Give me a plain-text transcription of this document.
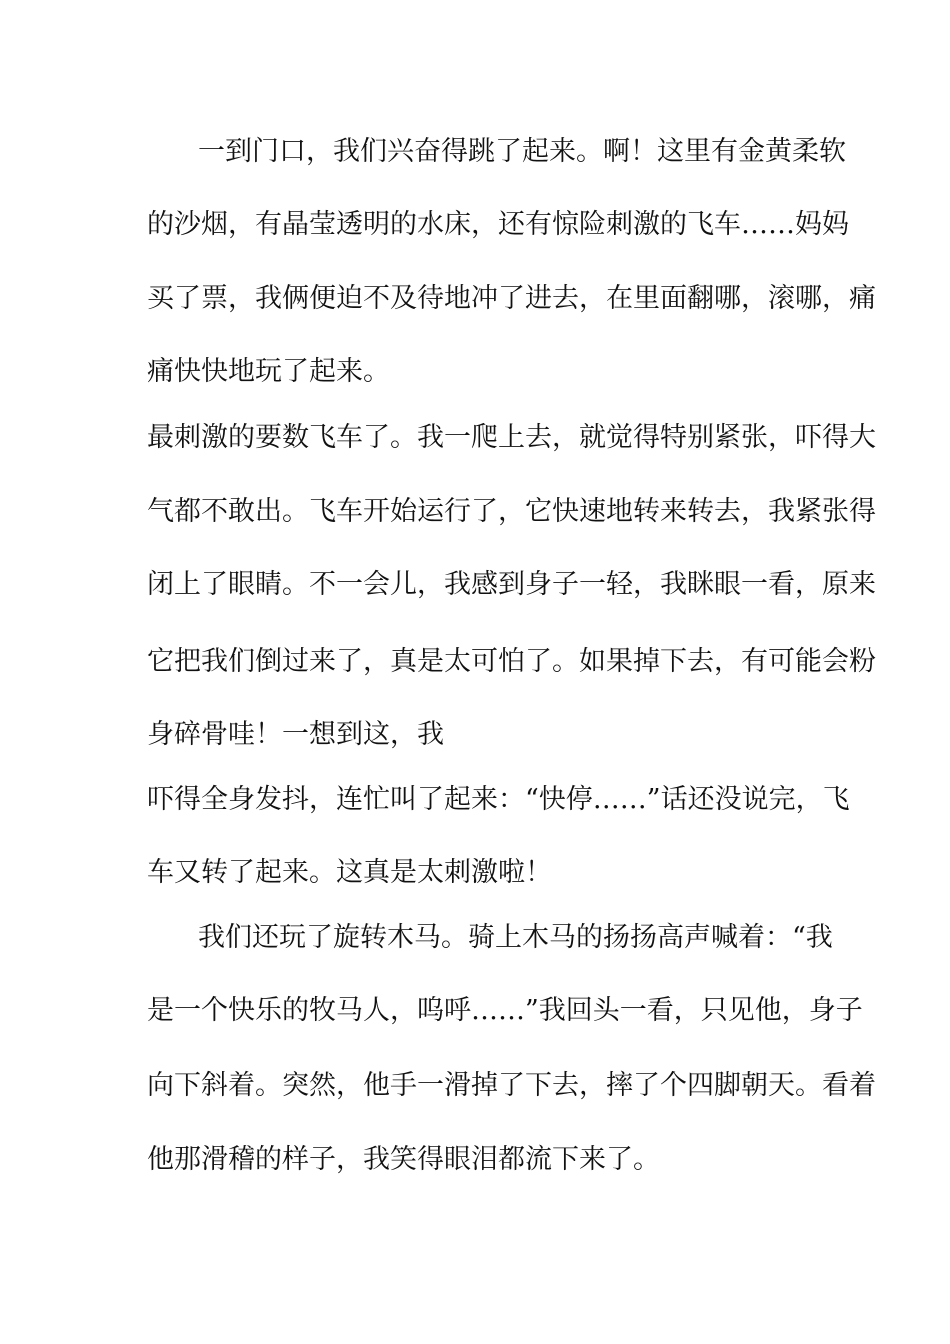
一到门口，我们兴奋得跳了起来。啊！这里有金黄柔软
的沙烟，有晶莹透明的水床，还有惊险刺激的飞车……妈妈
买了票，我俩便迫不及待地冲了进去，在里面翻哪，滚哪，痛
痛快快地玩了起来。
最刺激的要数飞车了。我一爬上去，就觉得特别紧张，吓得大
气都不敢出。飞车开始运行了，它快速地转来转去，我紧张得
闭上了眼睛。不一会儿，我感到身子一轻，我眯眼一看，原来
它把我们倒过来了，真是太可怕了。如果掉下去，有可能会粉
身碎骨哇！一想到这，我
吓得全身发抖，连忙叫了起来：“快停……”话还没说完，飞
车又转了起来。这真是太刺激啦！
我们还玩了旋转木马。骑上木马的扬扬高声喊着：“我
是一个快乐的牧马人，呜呼……”我回头一看，只见他，身子
向下斜着。突然，他手一滑掉了下去，摔了个四脚朝天。看着
他那滑稽的样子，我笑得眼泪都流下来了。
